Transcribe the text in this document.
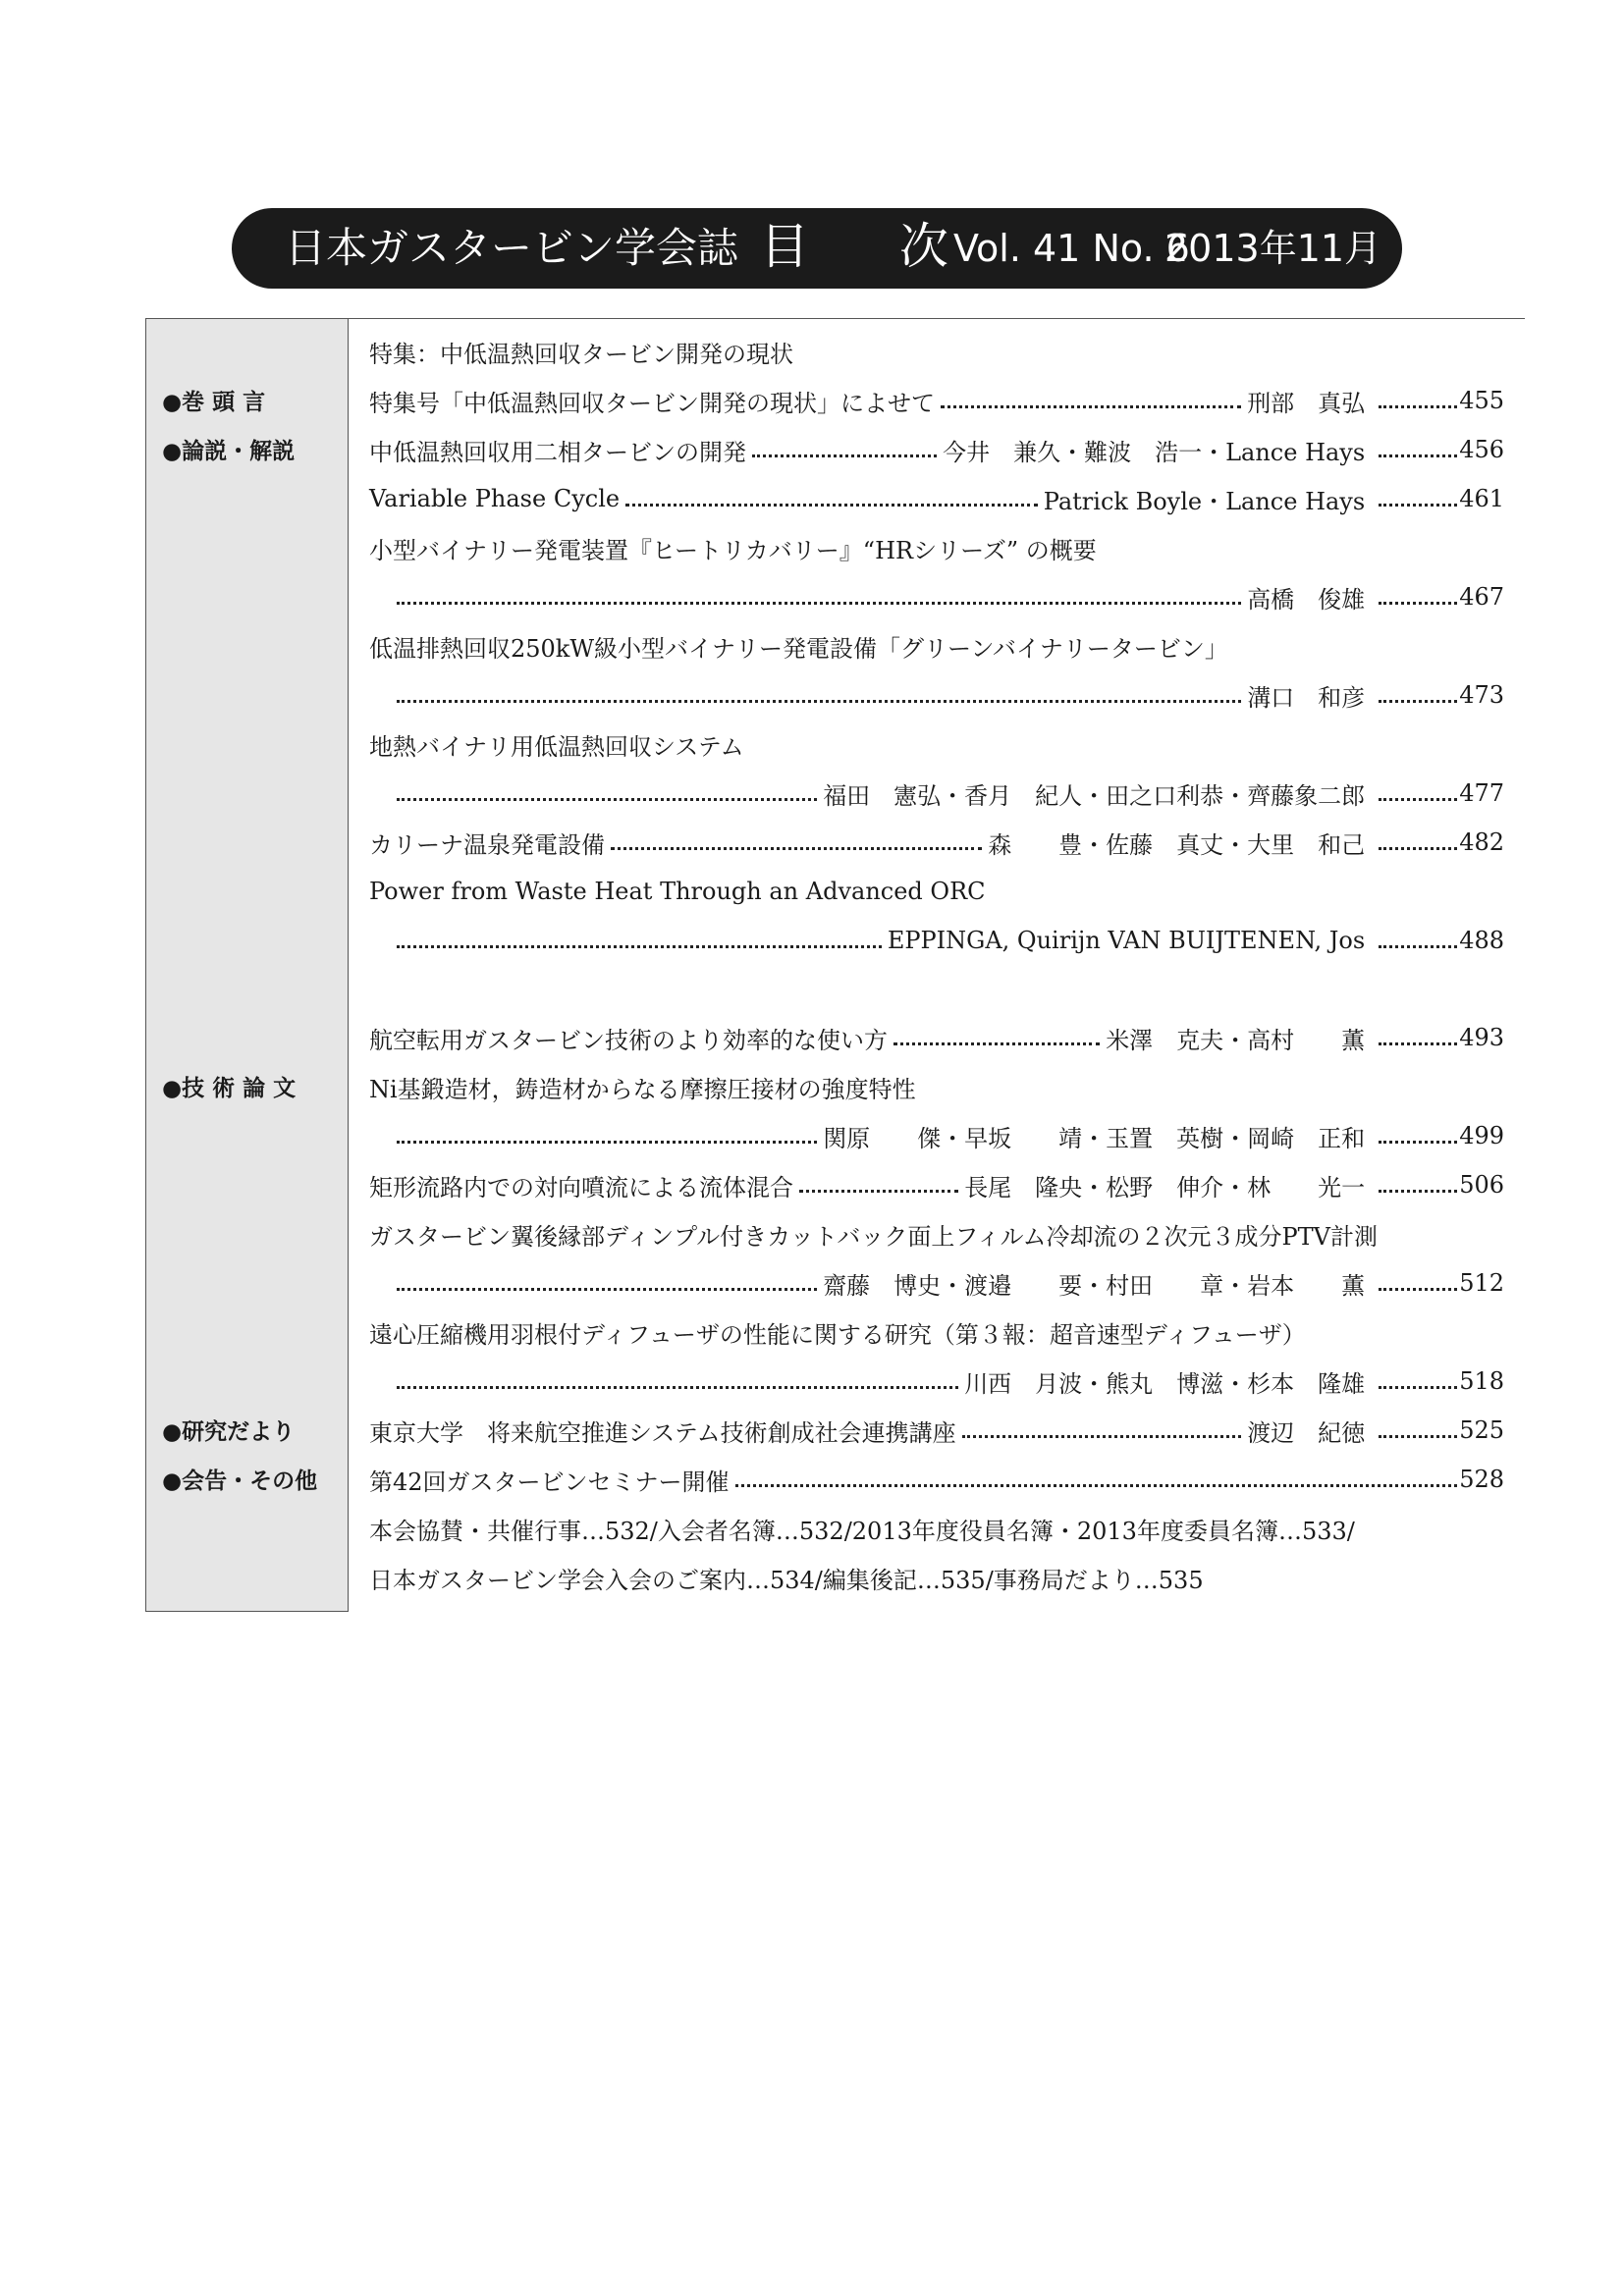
日本ガスタービン学会誌 目 次
Vol. 41 No. 6
2013年11月
●巻 頭 言
●論説・解説
●技 術 論 文
●研究だより
●会告・その他
特集：中低温熱回収タービン開発の現状
特集号「中低温熱回収タービン開発の現状」によせて	刑部　真弘	455
中低温熱回収用二相タービンの開発	今井　兼久・難波　浩一・Lance Hays	456
Variable Phase Cycle	Patrick Boyle・Lance Hays	461
小型バイナリー発電装置『ヒートリカバリー』“HRシリーズ” の概要
高橋　俊雄	467
低温排熱回収250kW級小型バイナリー発電設備「グリーンバイナリータービン」
溝口　和彦	473
地熱バイナリ用低温熱回収システム
福田　憲弘・香月　紀人・田之口利恭・齊藤象二郎	477
カリーナ温泉発電設備	森　　豊・佐藤　真丈・大里　和己	482
Power from Waste Heat Through an Advanced ORC
EPPINGA, Quirijn VAN BUIJTENEN, Jos	488
航空転用ガスタービン技術のより効率的な使い方	米澤　克夫・高村　　薫	493
Ni基鍛造材，鋳造材からなる摩擦圧接材の強度特性
関原　　傑・早坂　　靖・玉置　英樹・岡崎　正和	499
矩形流路内での対向噴流による流体混合	長尾　隆央・松野　伸介・林　　光一	506
ガスタービン翼後縁部ディンプル付きカットバック面上フィルム冷却流の２次元３成分PTV計測
齋藤　博史・渡邉　　要・村田　　章・岩本　　薫	512
遠心圧縮機用羽根付ディフューザの性能に関する研究（第３報：超音速型ディフューザ）
川西　月波・熊丸　博滋・杉本　隆雄	518
東京大学　将来航空推進システム技術創成社会連携講座	渡辺　紀徳	525
第42回ガスタービンセミナー開催	528
本会協賛・共催行事…532/入会者名簿…532/2013年度役員名簿・2013年度委員名簿…533/
日本ガスタービン学会入会のご案内…534/編集後記…535/事務局だより…535
